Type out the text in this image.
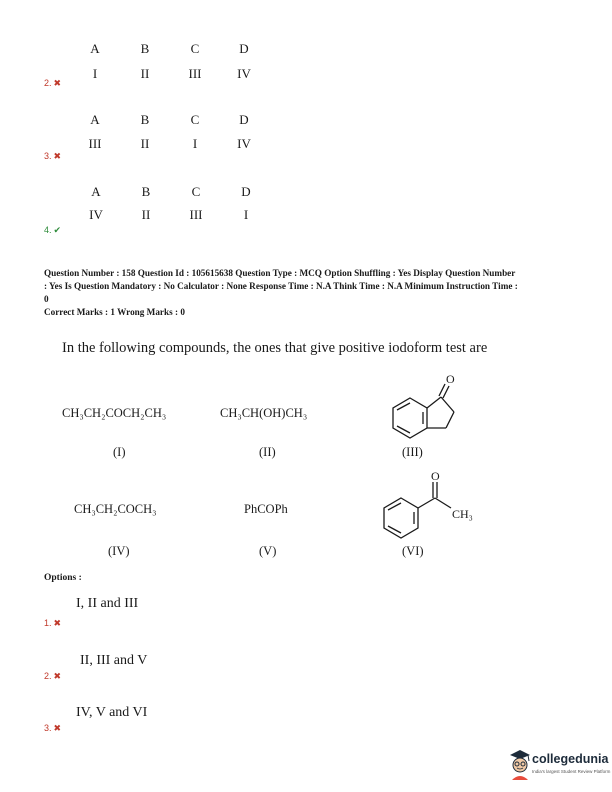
A	B	C	D
I	II	III	IV
2. ✖
A	B	C	D
III	II	I	IV
3. ✖
A	B	C	D
IV	II	III	I
4. ✔
Question Number : 158 Question Id : 105615638 Question Type : MCQ Option Shuffling : Yes Display Question Number
: Yes Is Question Mandatory : No Calculator : None Response Time : N.A Think Time : N.A Minimum Instruction Time :
0
Correct Marks : 1 Wrong Marks : 0
In the following compounds, the ones that give positive iodoform test are
CH₃CH₂COCH₂CH₃
(I)
CH₃CH(OH)CH₃
(II)
O
(III)
CH₃CH₂COCH₃
(IV)
PhCOPh
(V)
O
CH₃
(VI)
Options :
I, II and III
1. ✖
II, III and V
2. ✖
IV, V and VI
3. ✖
collegedunia
India's largest Student Review Platform
